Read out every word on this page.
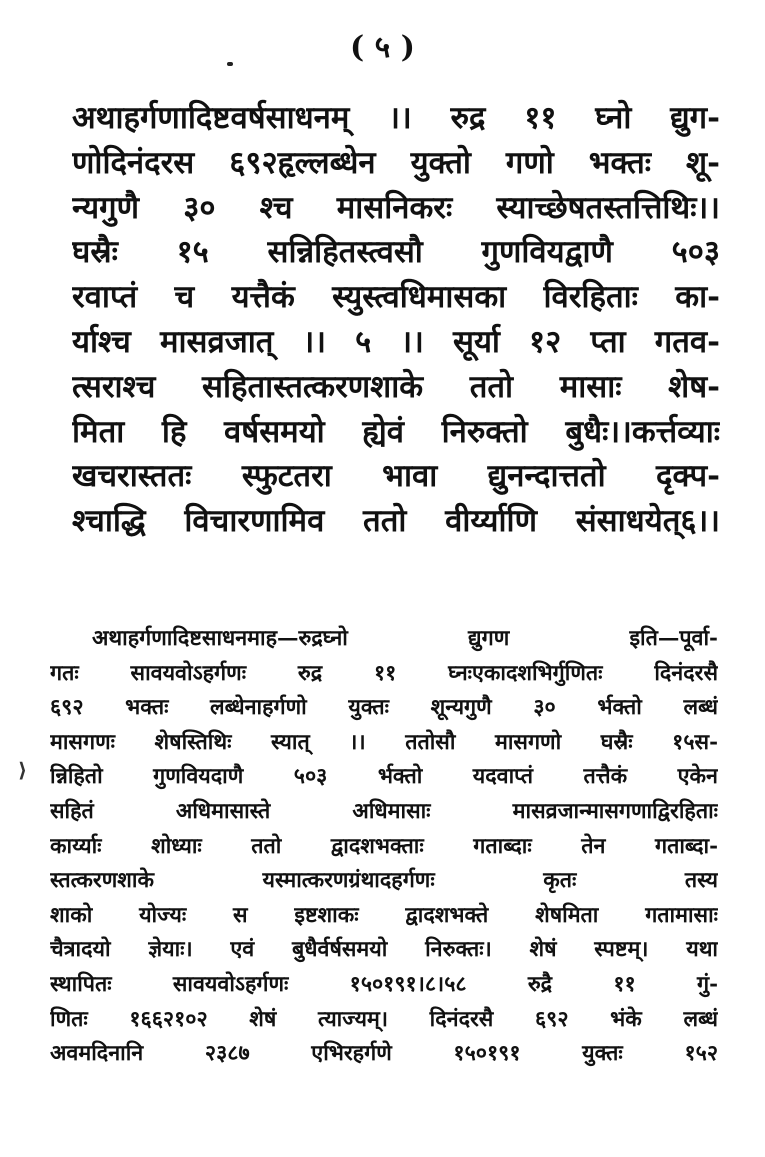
( ५ )
अथाहर्गणादिष्टवर्षसाधनम् ।। रुद्र ११ घ्नो द्युग-
णोदिनंदरस ६९२हृल्लब्धेन युक्तो गणो भक्तः शू-
न्यगुणै ३० श्च मासनिकरः स्याच्छेषतस्तत्तिथिः।।
घस्रैः १५ सन्निहितस्त्वसौ गुणवियद्वाणै ५०३
रवाप्तं च यत्तैकं स्युस्त्वधिमासका विरहिताः का-
र्याश्च मासव्रजात् ।। ५ ।। सूर्या १२ प्ता गतव-
त्सराश्च सहितास्तत्करणशाके ततो मासाः शेष-
मिता हि वर्षसमयो ह्येवं निरुक्तो बुधैः।।कर्त्तव्याः
खचरास्ततः स्फुटतरा भावा द्युनन्दात्ततो दृक्प-
श्चाद्धि विचारणामिव ततो वीर्य्याणि संसाधयेत्६।।
⟩
अथाहर्गणादिष्टसाधनमाह—रुद्रघ्नो द्युगण इति—पूर्वा-
गतः सावयवोऽहर्गणः रुद्र ११ घ्नःएकादशभिर्गुणितः दिनंदरसै
६९२ भक्तः लब्धेनाहर्गणो युक्तः शून्यगुणै ३० र्भक्तो लब्धं
मासगणः शेषस्तिथिः स्यात् ।। ततोसौ मासगणो घस्रैः १५स-
न्निहितो गुणवियदाणै ५०३ र्भक्तो यदवाप्तं तत्तैकं एकेन
सहितं अधिमासास्ते अधिमासाः मासव्रजान्मासगणाद्विरहिताः
कार्य्याः शोध्याः ततो द्वादशभक्ताः गताब्दाः तेन गताब्दा-
स्तत्करणशाके यस्मात्करणग्रंथादहर्गणः कृतः तस्य
शाको योज्यः स इष्टशाकः द्वादशभक्ते शेषमिता गतामासाः
चैत्रादयो ज्ञेयाः। एवं बुधैर्वर्षसमयो निरुक्तः। शेषं स्पष्टम्। यथा
स्थापितः सावयवोऽहर्गणः १५०१९१।८।५८ रुद्रै ११ गुं-
णितः १६६२१०२ शेषं त्याज्यम्। दिनंदरसै ६९२ भंके लब्धं
अवमदिनानि २३८७ एभिरहर्गणे १५०१९१ युक्तः १५२
